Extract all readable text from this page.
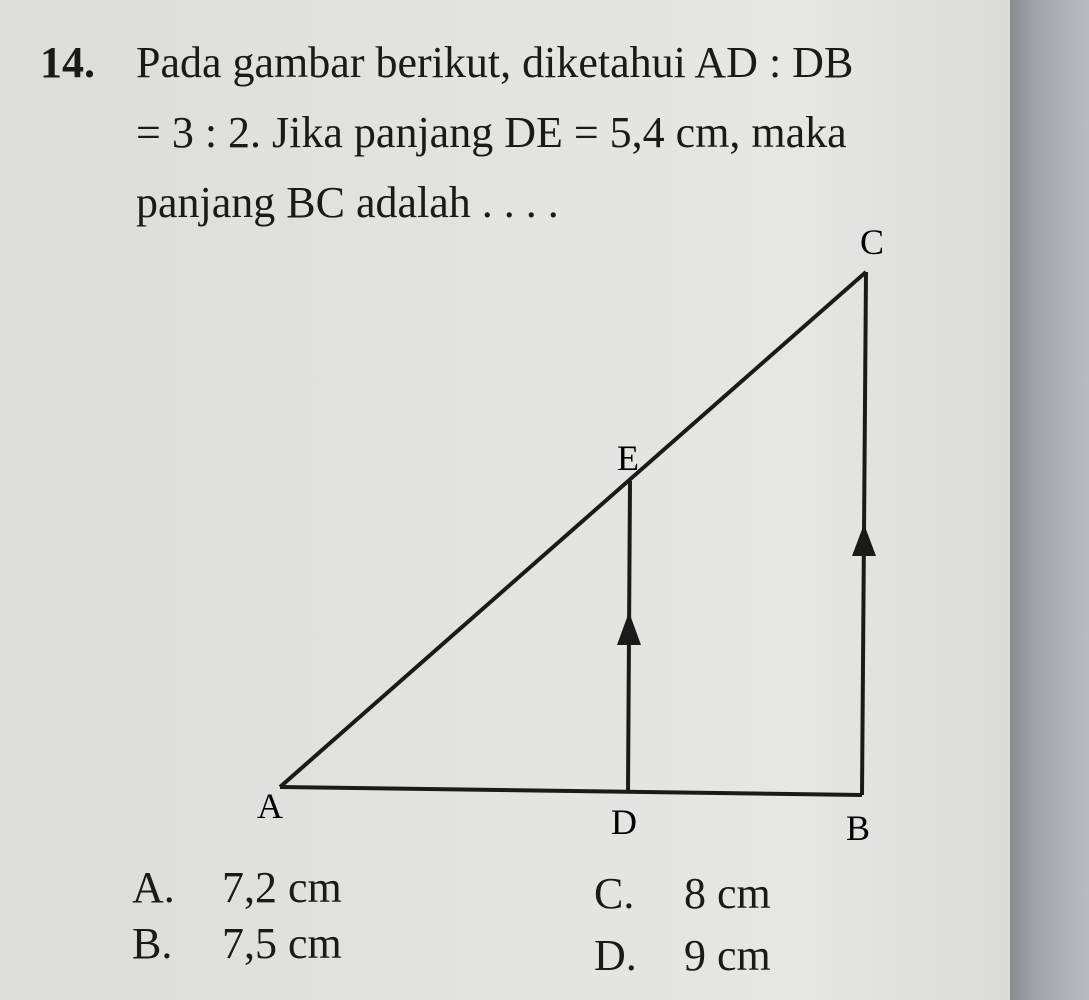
14. Pada gambar berikut, diketahui AD : DB
= 3 : 2. Jika panjang DE = 5,4 cm, maka
panjang BC adalah . . . .
C
E
A	D	B
A. 7,2 cm
B. 7,5 cm
C. 8 cm
D. 9 cm
